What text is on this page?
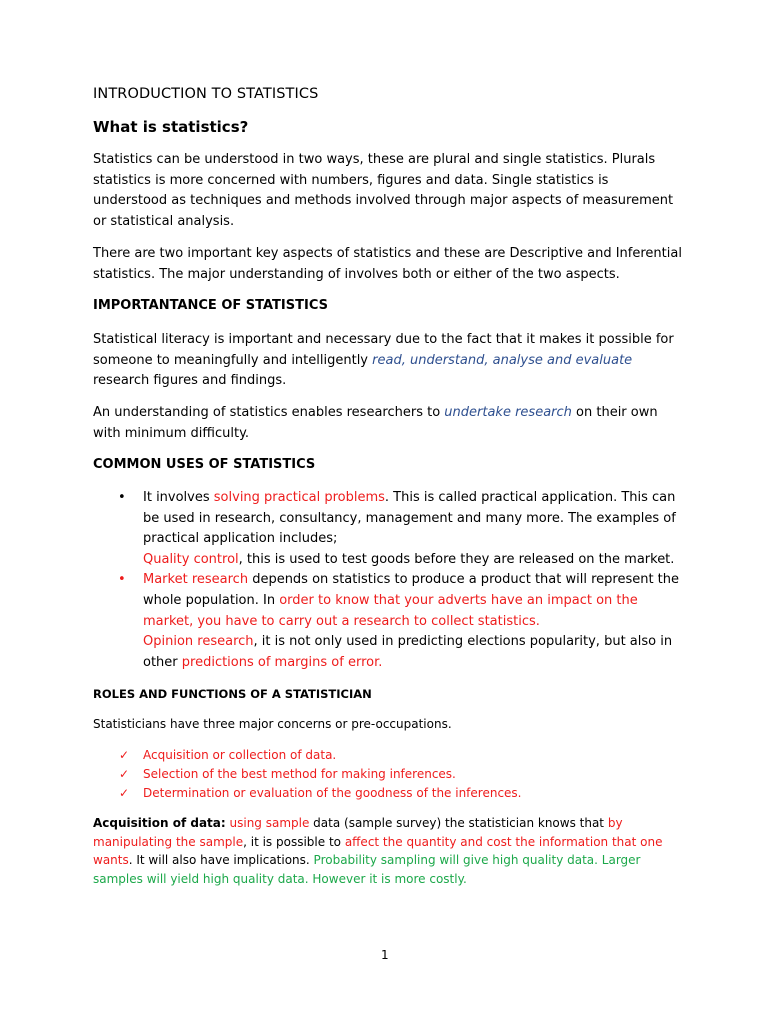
INTRODUCTION TO STATISTICS
What is statistics?
Statistics can be understood in two ways, these are plural and single statistics. Plurals statistics is more concerned with numbers, figures and data. Single statistics is understood as techniques and methods involved through major aspects of measurement or statistical analysis.
There are two important key aspects of statistics and these are Descriptive and Inferential statistics. The major understanding of involves both or either of the two aspects.
IMPORTANTANCE OF STATISTICS
Statistical literacy is important and necessary due to the fact that it makes it possible for someone to meaningfully and intelligently read, understand, analyse and evaluate research figures and findings.
An understanding of statistics enables researchers to undertake research on their own with minimum difficulty.
COMMON USES OF STATISTICS
• It involves solving practical problems. This is called practical application. This can be used in research, consultancy, management and many more. The examples of practical application includes;
Quality control, this is used to test goods before they are released on the market.
• Market research depends on statistics to produce a product that will represent the whole population. In order to know that your adverts have an impact on the market, you have to carry out a research to collect statistics.
Opinion research, it is not only used in predicting elections popularity, but also in other predictions of margins of error.
ROLES AND FUNCTIONS OF A STATISTICIAN
Statisticians have three major concerns or pre-occupations.
✓ Acquisition or collection of data.
✓ Selection of the best method for making inferences.
✓ Determination or evaluation of the goodness of the inferences.
Acquisition of data: using sample data (sample survey) the statistician knows that by manipulating the sample, it is possible to affect the quantity and cost the information that one wants. It will also have implications. Probability sampling will give high quality data. Larger samples will yield high quality data. However it is more costly.
1
